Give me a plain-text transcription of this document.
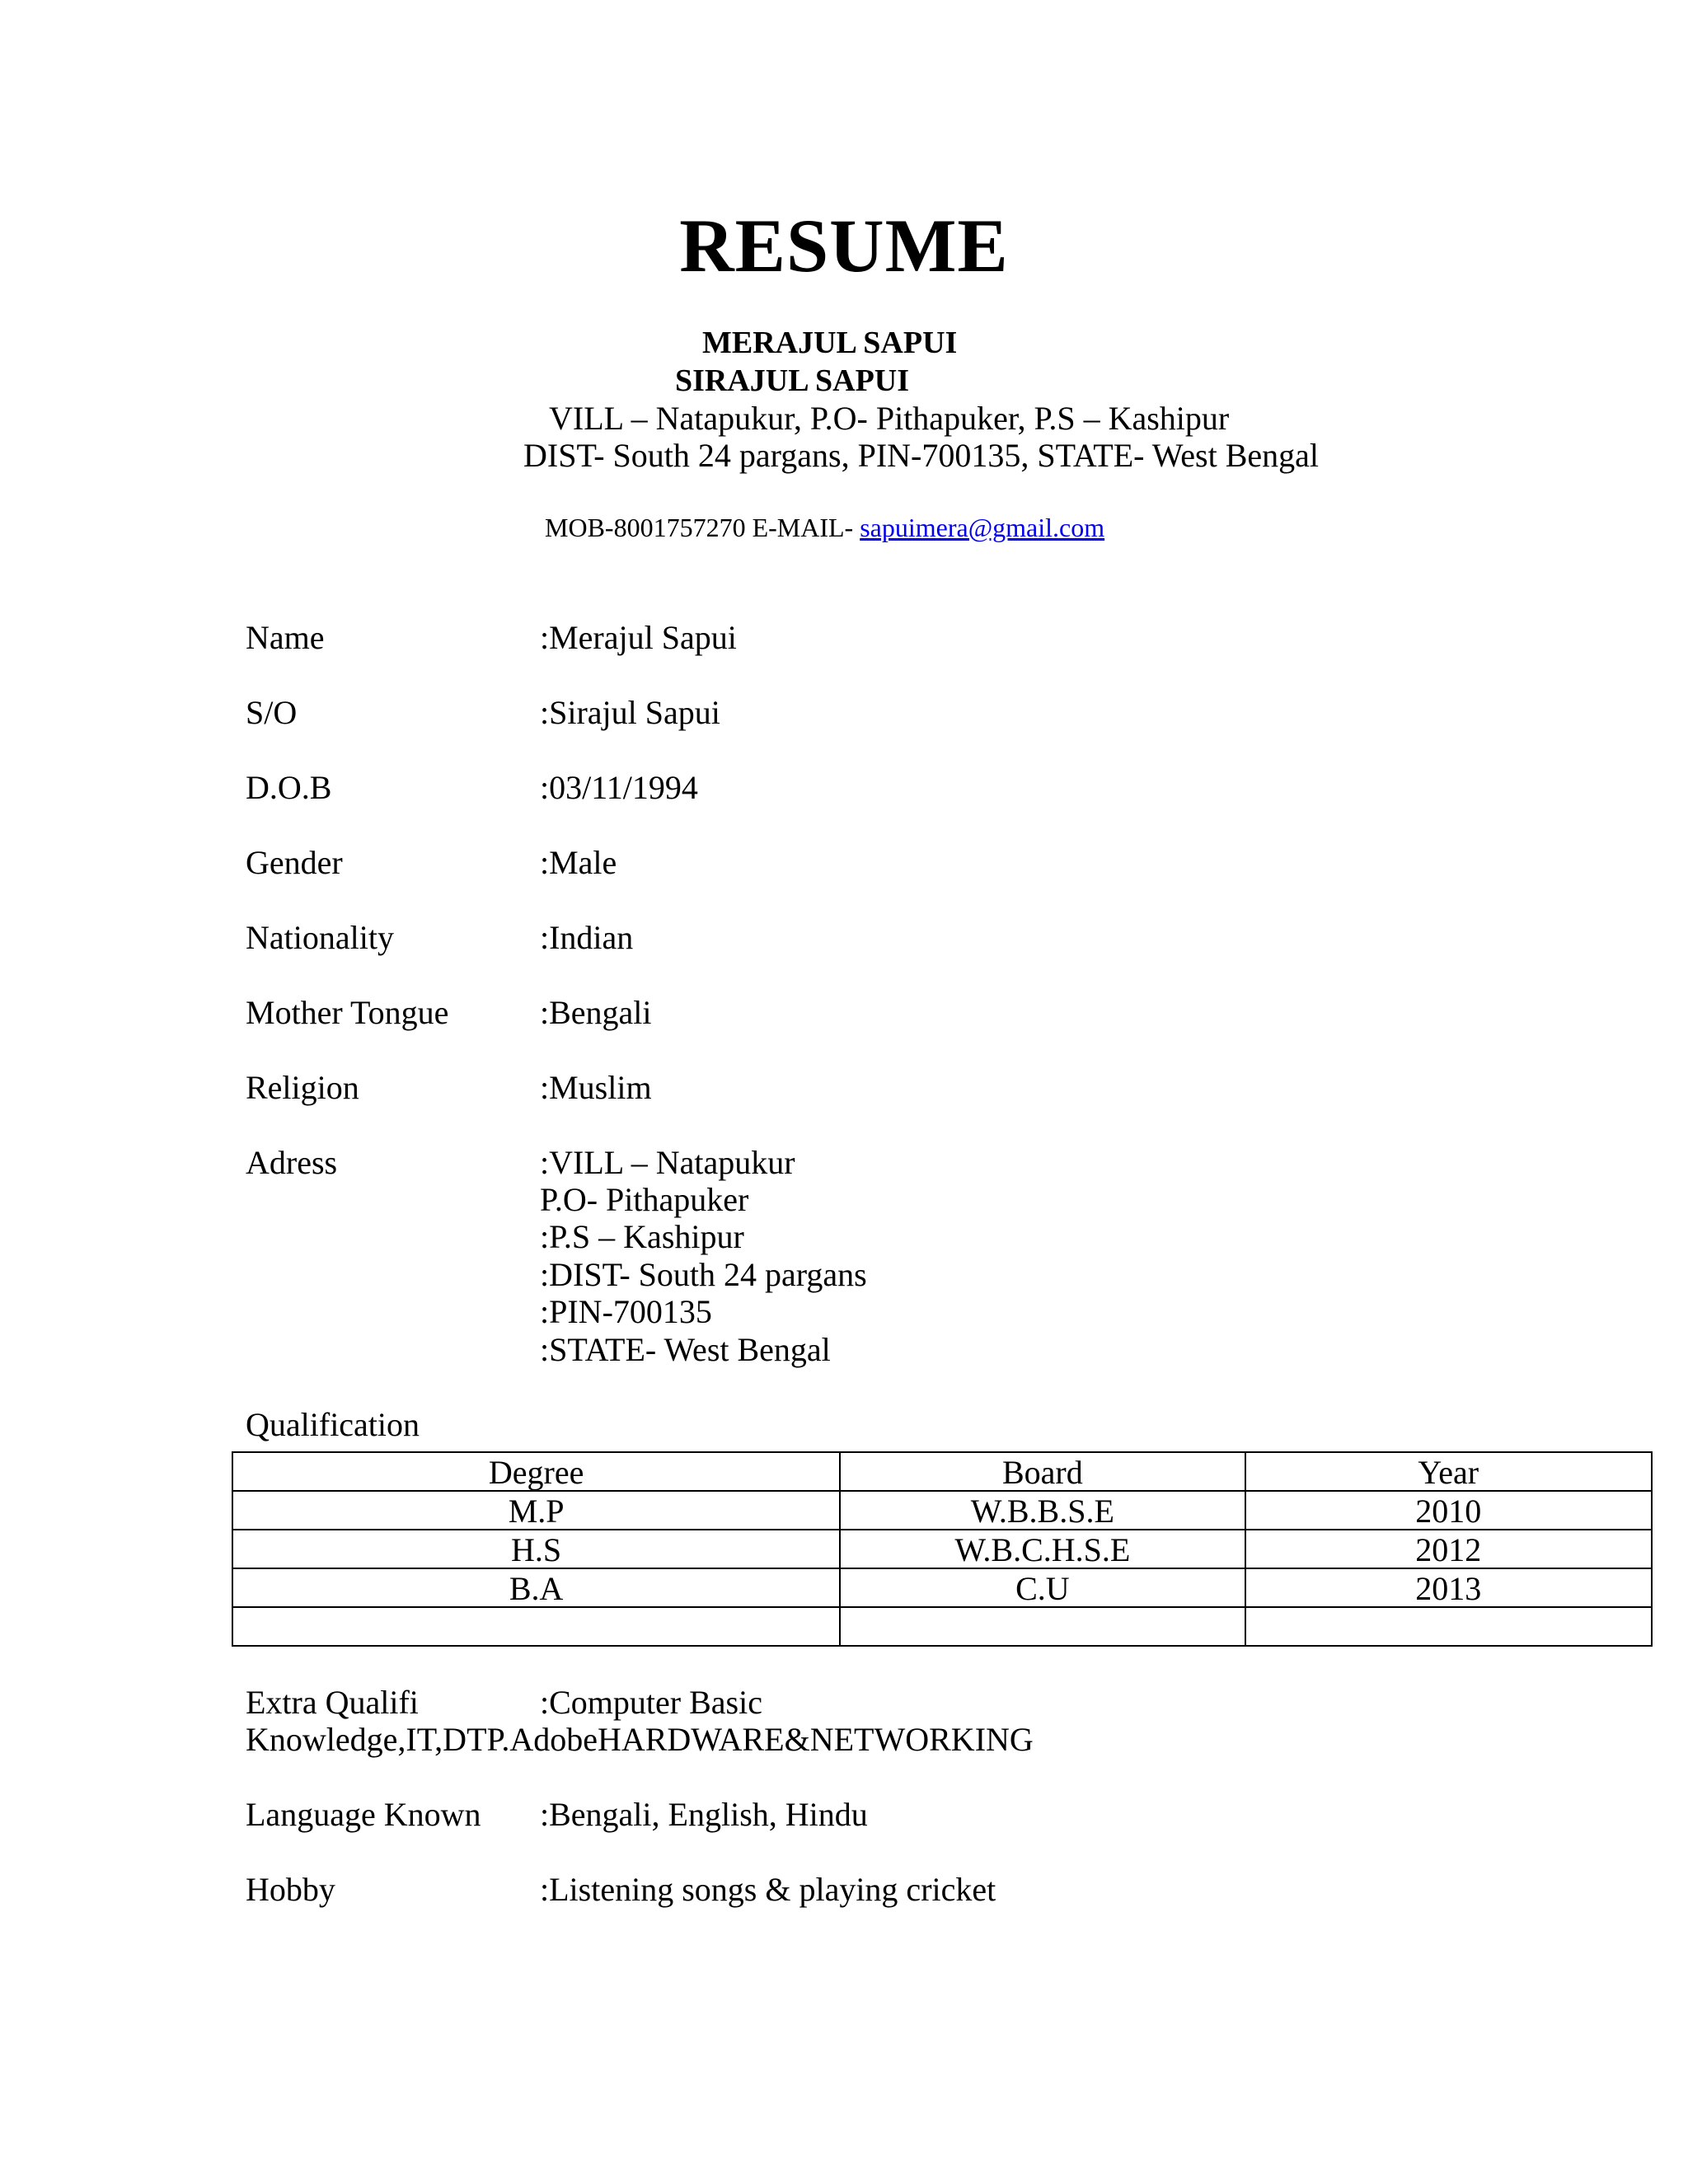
RESUME
MERAJUL SAPUI
SIRAJUL SAPUI
VILL – Natapukur, P.O- Pithapuker, P.S – Kashipur
DIST- South 24 pargans, PIN-700135, STATE- West Bengal
MOB-8001757270 E-MAIL- sapuimera@gmail.com
Name	:Merajul Sapui
S/O	:Sirajul Sapui
D.O.B	:03/11/1994
Gender	:Male
Nationality	:Indian
Mother Tongue	:Bengali
Religion	:Muslim
Adress	:VILL – Natapukur
P.O- Pithapuker
:P.S – Kashipur
:DIST- South 24 pargans
:PIN-700135
:STATE- West Bengal
Qualification
Degree	Board	Year
M.P	W.B.B.S.E	2010
H.S	W.B.C.H.S.E	2012
B.A	C.U	2013

Extra Qualifi	:Computer Basic
Knowledge,IT,DTP.AdobeHARDWARE&NETWORKING
Language Known :Bengali, English, Hindu
Hobby	:Listening songs & playing cricket
